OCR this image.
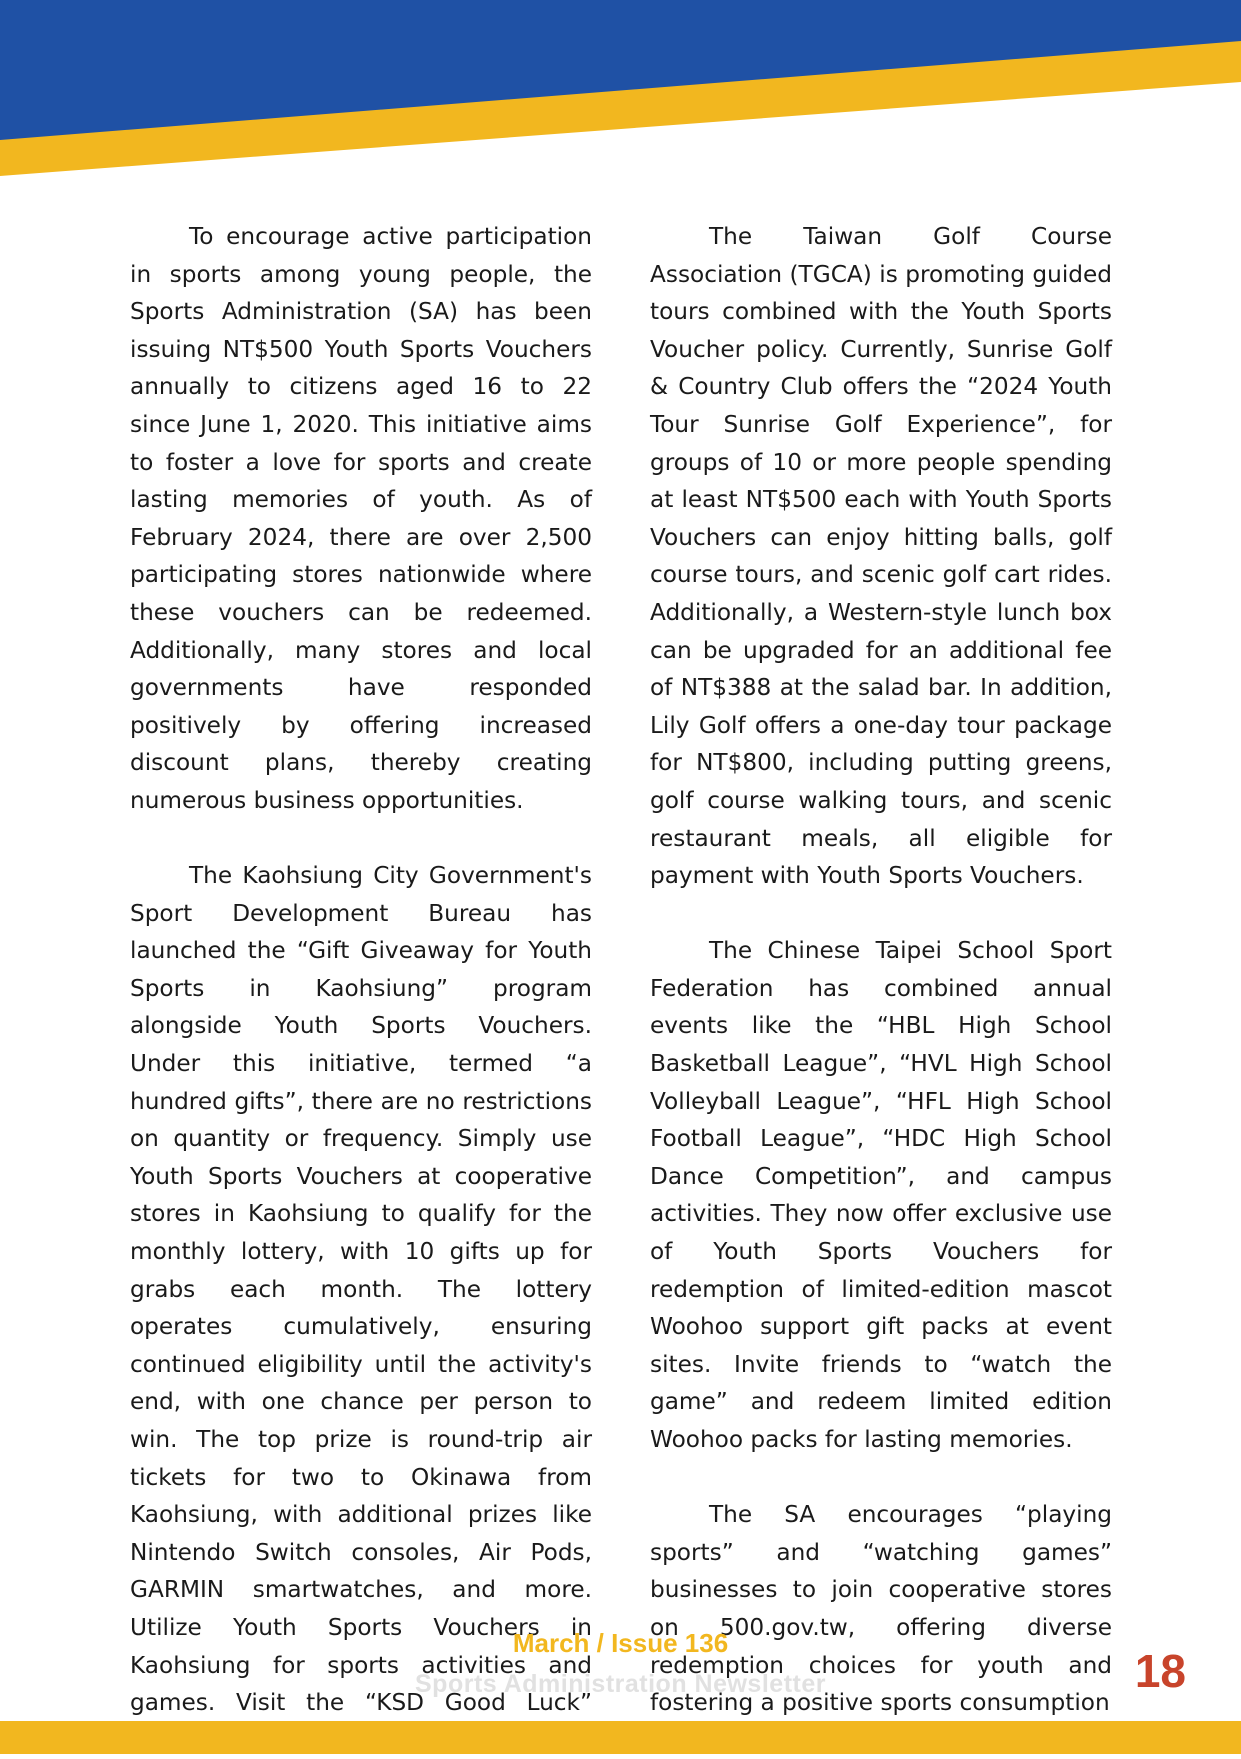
To encourage active participation in sports among young people, the Sports Administration (SA) has been issuing NT$500 Youth Sports Vouchers annually to citizens aged 16 to 22 since June 1, 2020. This initiative aims to foster a love for sports and create lasting memories of youth. As of February 2024, there are over 2,500 participating stores nationwide where these vouchers can be redeemed. Additionally, many stores and local governments have responded positively by offering increased discount plans, thereby creating numerous business opportunities.

The Kaohsiung City Government's Sport Development Bureau has launched the “Gift Giveaway for Youth Sports in Kaohsiung” program alongside Youth Sports Vouchers. Under this initiative, termed “a hundred gifts”, there are no restrictions on quantity or frequency. Simply use Youth Sports Vouchers at cooperative stores in Kaohsiung to qualify for the monthly lottery, with 10 gifts up for grabs each month. The lottery operates cumulatively, ensuring continued eligibility until the activity's end, with one chance per person to win. The top prize is round-trip air tickets for two to Okinawa from Kaohsiung, with additional prizes like Nintendo Switch consoles, Air Pods, GARMIN smartwatches, and more. Utilize Youth Sports Vouchers in Kaohsiung for sports activities and games. Visit the “KSD Good Luck”

The Taiwan Golf Course Association (TGCA) is promoting guided tours combined with the Youth Sports Voucher policy. Currently, Sunrise Golf & Country Club offers the “2024 Youth Tour Sunrise Golf Experience”, for groups of 10 or more people spending at least NT$500 each with Youth Sports Vouchers can enjoy hitting balls, golf course tours, and scenic golf cart rides. Additionally, a Western-style lunch box can be upgraded for an additional fee of NT$388 at the salad bar. In addition, Lily Golf offers a one-day tour package for NT$800, including putting greens, golf course walking tours, and scenic restaurant meals, all eligible for payment with Youth Sports Vouchers.

The Chinese Taipei School Sport Federation has combined annual events like the “HBL High School Basketball League”, “HVL High School Volleyball League”, “HFL High School Football League”, “HDC High School Dance Competition”, and campus activities. They now offer exclusive use of Youth Sports Vouchers for redemption of limited-edition mascot Woohoo support gift packs at event sites. Invite friends to “watch the game” and redeem limited edition Woohoo packs for lasting memories.

The SA encourages “playing sports” and “watching games” businesses to join cooperative stores on 500.gov.tw, offering diverse redemption choices for youth and fostering a positive sports consumption

March / Issue 136
Sports Administration Newsletter	18
